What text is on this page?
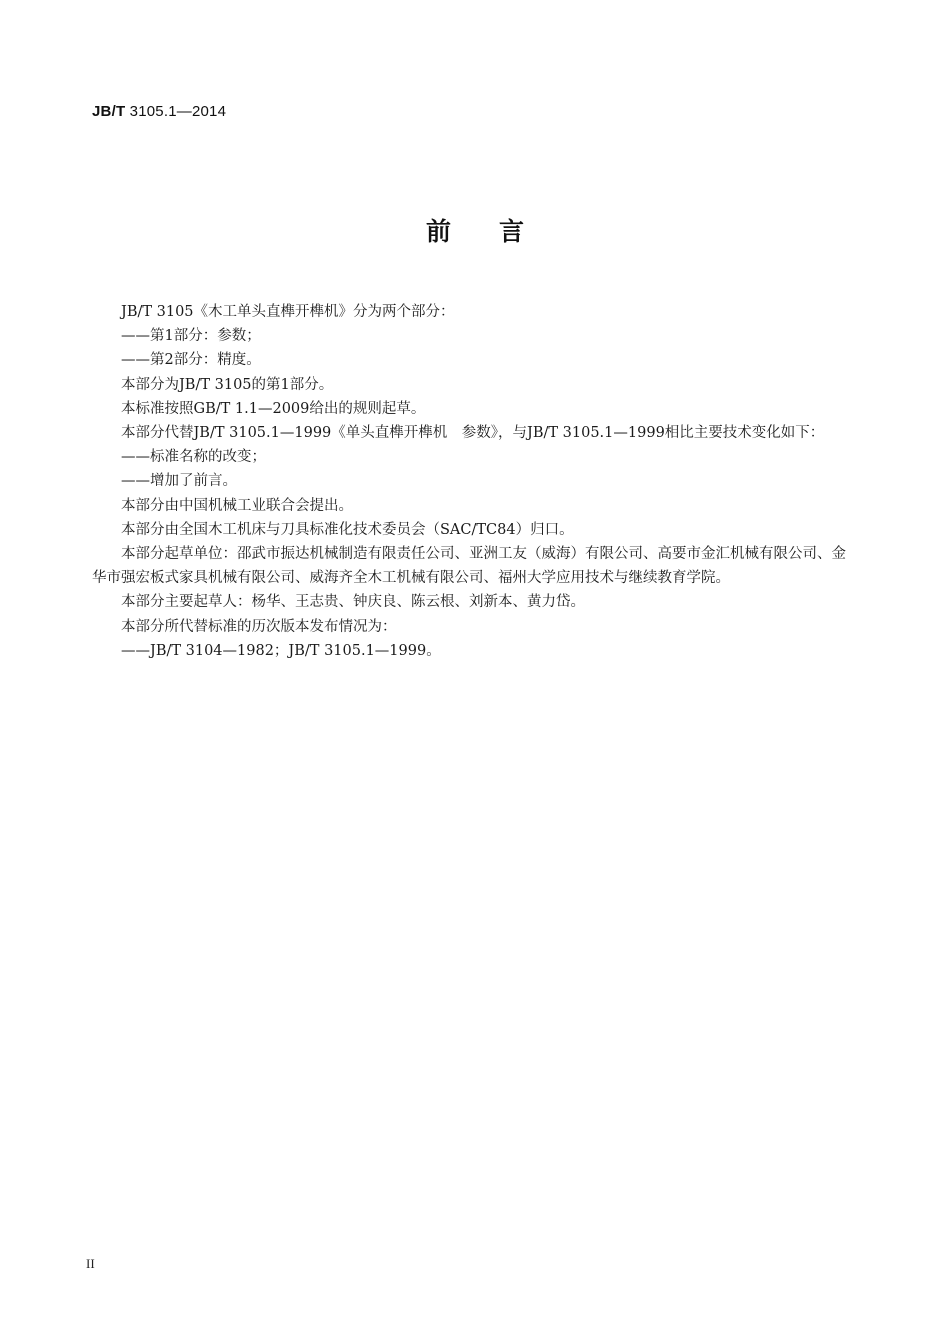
JB/T 3105.1—2014
前言

JB/T 3105《木工单头直榫开榫机》分为两个部分：

——第1部分：参数；

——第2部分：精度。

本部分为JB/T 3105的第1部分。

本标准按照GB/T 1.1—2009给出的规则起草。

本部分代替JB/T 3105.1—1999《单头直榫开榫机　参数》，与JB/T 3105.1—1999相比主要技术变化如下：

——标准名称的改变；

——增加了前言。

本部分由中国机械工业联合会提出。

本部分由全国木工机床与刀具标准化技术委员会（SAC/TC84）归口。

本部分起草单位：邵武市振达机械制造有限责任公司、亚洲工友（威海）有限公司、高要市金汇机械有限公司、金华市强宏板式家具机械有限公司、威海齐全木工机械有限公司、福州大学应用技术与继续教育学院。

本部分主要起草人：杨华、王志贵、钟庆良、陈云根、刘新本、黄力岱。

本部分所代替标准的历次版本发布情况为：

——JB/T 3104—1982；JB/T 3105.1—1999。

II
